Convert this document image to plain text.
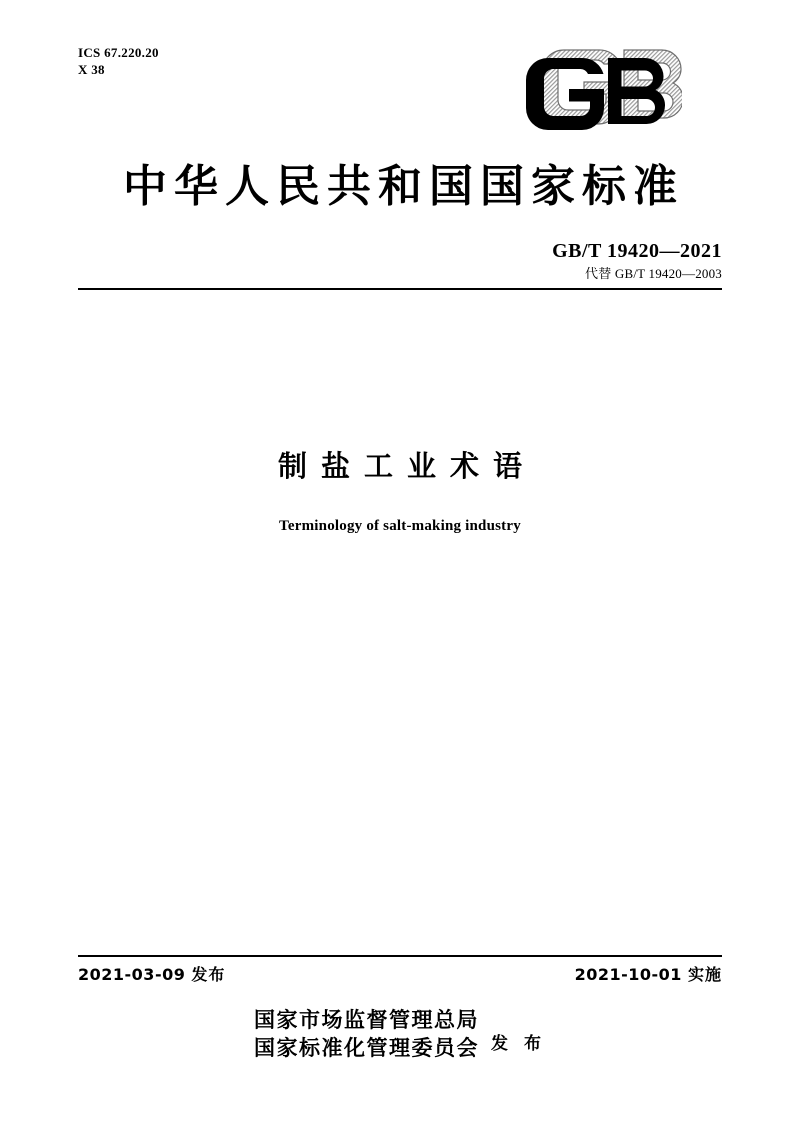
ICS 67.220.20
X 38
中华人民共和国国家标准
GB/T 19420—2021
代替 GB/T 19420—2003
制盐工业术语
Terminology of salt-making industry
2021-03-09 发布	2021-10-01 实施
国家市场监督管理总局
国家标准化管理委员会 发 布
